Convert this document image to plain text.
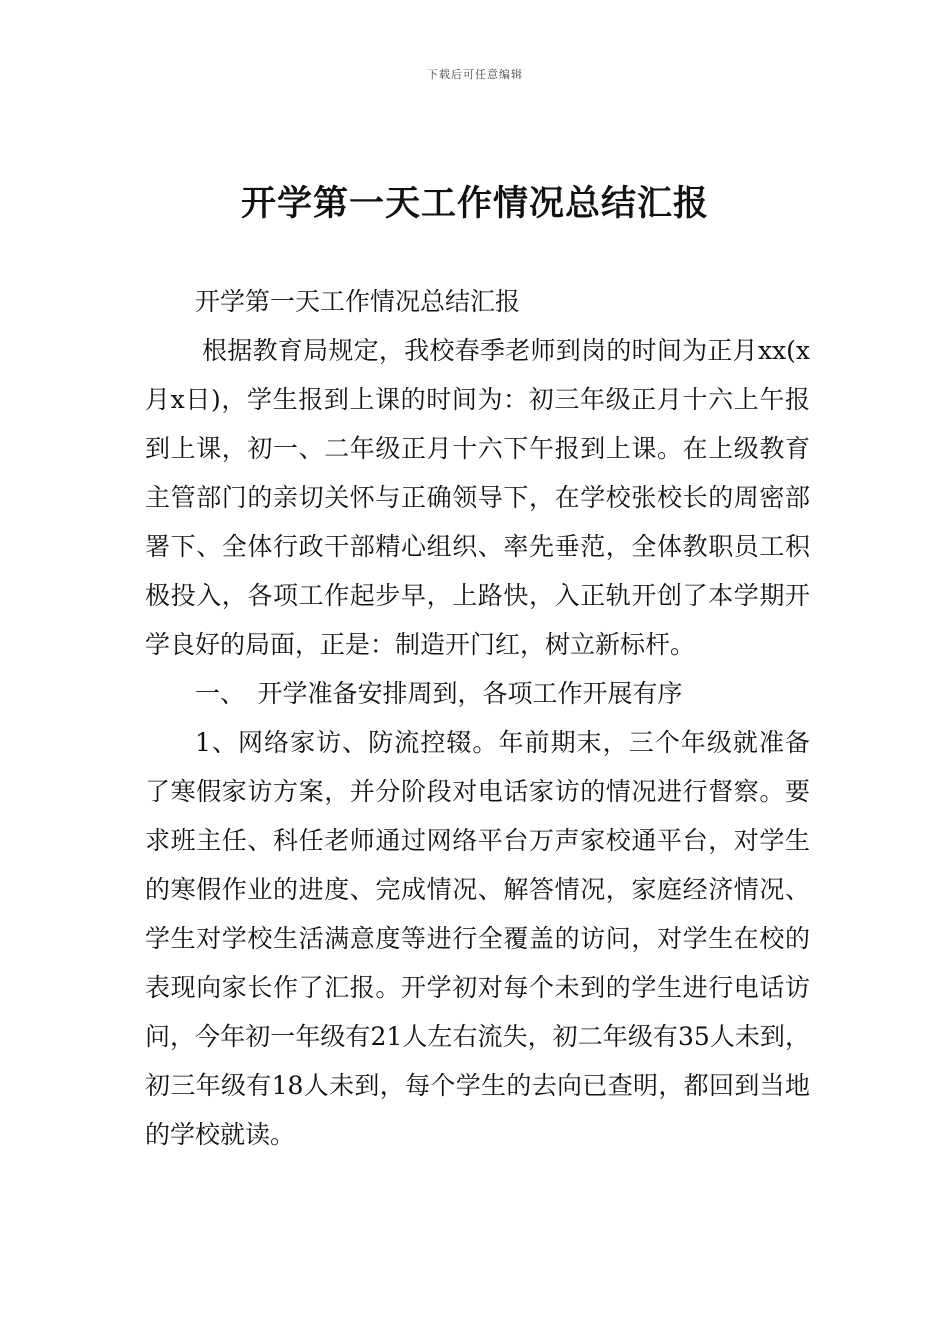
下载后可任意编辑
开学第一天工作情况总结汇报

开学第一天工作情况总结汇报

根据教育局规定，我校春季老师到岗的时间为正月xx(x月x日)，学生报到上课的时间为：初三年级正月十六上午报到上课，初一、二年级正月十六下午报到上课。在上级教育主管部门的亲切关怀与正确领导下，在学校张校长的周密部署下、全体行政干部精心组织、率先垂范，全体教职员工积极投入，各项工作起步早，上路快，入正轨开创了本学期开学良好的局面，正是：制造开门红，树立新标杆。

一、　开学准备安排周到，各项工作开展有序

1、网络家访、防流控辍。年前期末，三个年级就准备了寒假家访方案，并分阶段对电话家访的情况进行督察。要求班主任、科任老师通过网络平台万声家校通平台，对学生的寒假作业的进度、完成情况、解答情况，家庭经济情况、学生对学校生活满意度等进行全覆盖的访问，对学生在校的表现向家长作了汇报。开学初对每个未到的学生进行电话访问，今年初一年级有21人左右流失，初二年级有35人未到，初三年级有18人未到，每个学生的去向已查明，都回到当地的学校就读。
